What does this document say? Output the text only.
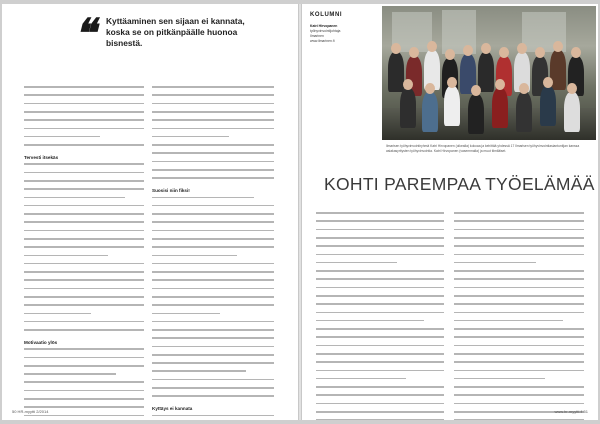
❝ Kyttäaminen sen sijaan ei kannata, koska se on pitkänpäälle huonoa bisnestä.
Tervesti itsekäs
Motivaatio ylös
Suosisi niin fiksi!
Kyttäys ei kannata
50 HR-myytti 2/2014
KOLUMNI
Katri Hirvopanen
työhyvinvointijohtaja
Ilmarinen
www.ilmarinen.fi
Ilmarisen työhyvinvointiryhmä Katri Hirvopanen (oikealla) kokoaa ja kehittää yhdessä 17 Ilmarisen työhyvinvointiasiantuntijan kanssa asiakasyritysten työhyvinvointia. Katri Hirvopanen (vasemmalla) ja muut tiimiläiset.
KOHTI PAREMPAA TYÖELÄMÄÄ
www.hr-myytti.fi 51
